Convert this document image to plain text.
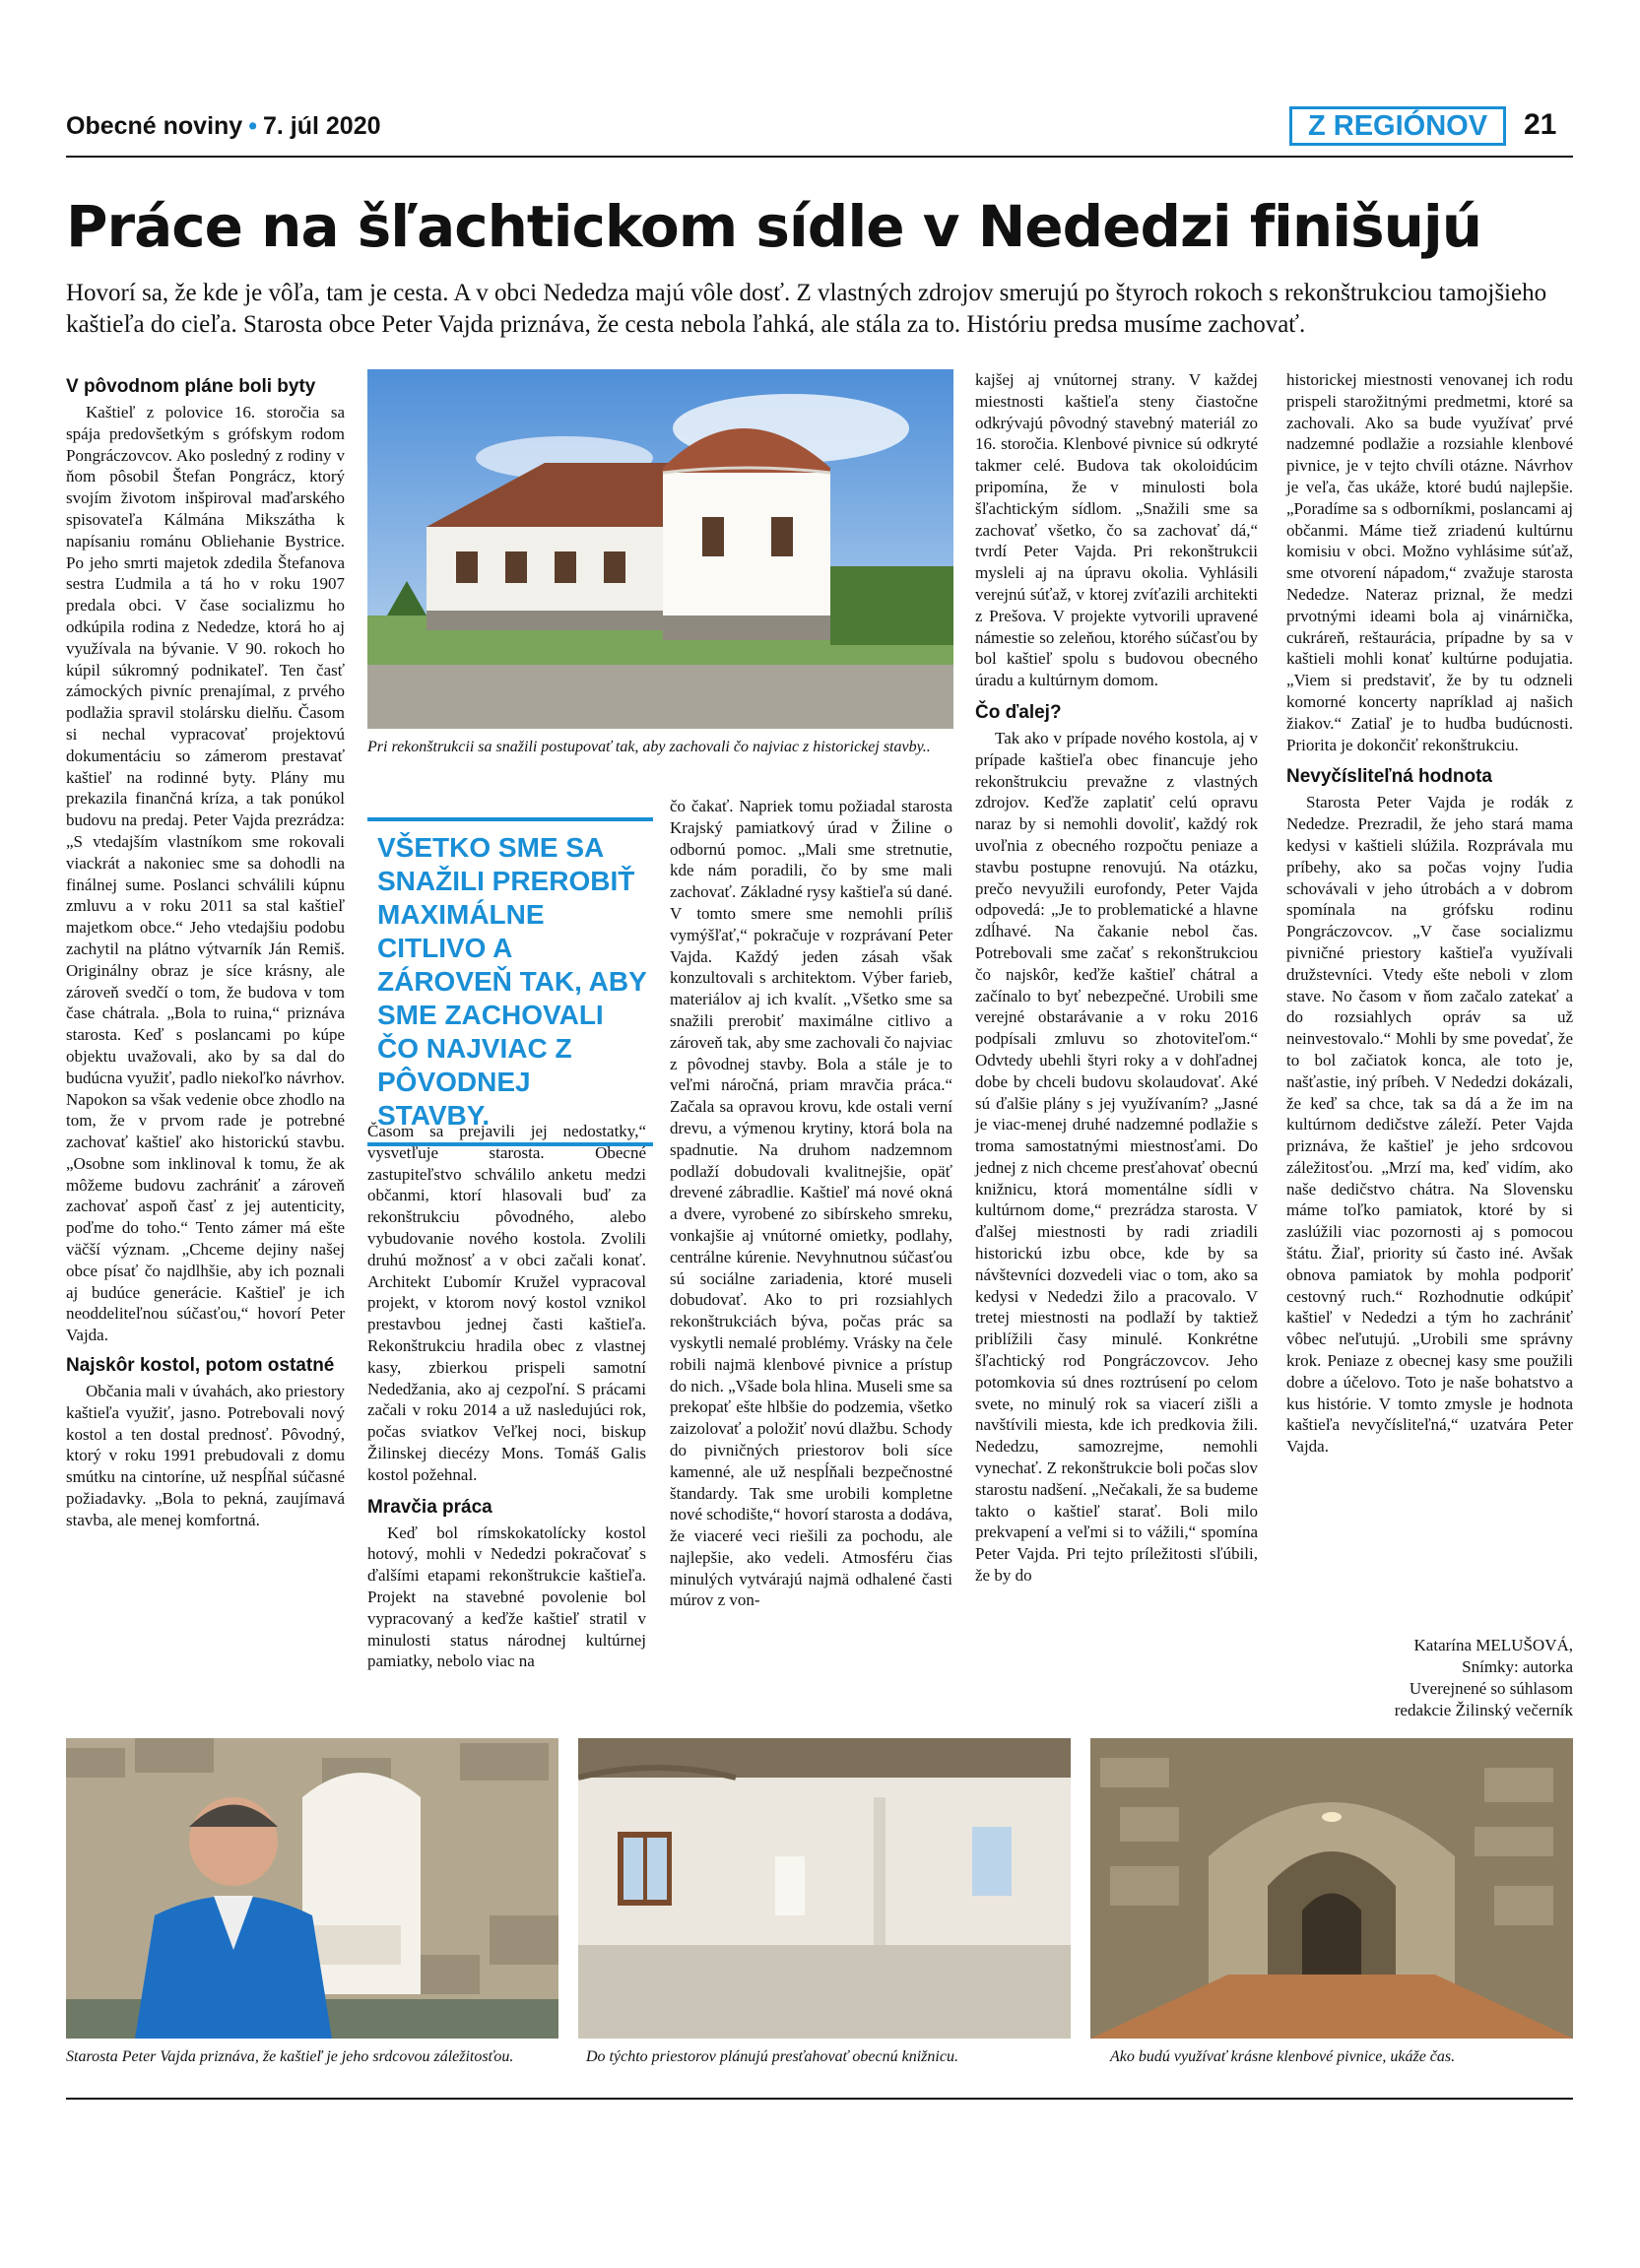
Obecné noviny • 7. júl 2020	Z REGIÓNOV	21
Práce na šľachtickom sídle v Nededzi finišujú
Hovorí sa, že kde je vôľa, tam je cesta. A v obci Nededza majú vôle dosť. Z vlastných zdrojov smerujú po štyroch rokoch s rekonštrukciou tamojšieho kaštieľa do cieľa. Starosta obce Peter Vajda priznáva, že cesta nebola ľahká, ale stála za to. Históriu predsa musíme zachovať.
V pôvodnom pláne boli byty

Kaštieľ z polovice 16. storočia sa spája predovšetkým s grófskym rodom Pongráczovcov. Ako posledný z rodiny v ňom pôsobil Štefan Pongrácz, ktorý svojím životom inšpiroval maďarského spisovateľa Kálmána Mikszátha k napísaniu románu Obliehanie Bystrice. Po jeho smrti majetok zdedila Štefanova sestra Ľudmila a tá ho v roku 1907 predala obci. V čase socializmu ho odkúpila rodina z Nededze, ktorá ho aj využívala na bývanie. V 90. rokoch ho kúpil súkromný podnikateľ. Ten časť zámockých pivníc prenajímal, z prvého podlažia spravil stolársku dielňu. Časom si nechal vypracovať projektovú dokumentáciu so zámerom prestavať kaštieľ na rodinné byty. Plány mu prekazila finančná kríza, a tak ponúkol budovu na predaj. Peter Vajda prezrádza: „S vtedajším vlastníkom sme rokovali viackrát a nakoniec sme sa dohodli na finálnej sume. Poslanci schválili kúpnu zmluvu a v roku 2011 sa stal kaštieľ majetkom obce.“ Jeho vtedajšiu podobu zachytil na plátno výtvarník Ján Remiš. Originálny obraz je síce krásny, ale zároveň svedčí o tom, že budova v tom čase chátrala. „Bola to ruina,“ priznáva starosta. Keď s poslancami po kúpe objektu uvažovali, ako by sa dal do budúcna využiť, padlo niekoľko návrhov. Napokon sa však vedenie obce zhodlo na tom, že v prvom rade je potrebné zachovať kaštieľ ako historickú stavbu. „Osobne som inklinoval k tomu, že ak môžeme budovu zachrániť a zároveň zachovať aspoň časť z jej autenticity, poďme do toho.“ Tento zámer má ešte väčší význam. „Chceme dejiny našej obce písať čo najdlhšie, aby ich poznali aj budúce generácie. Kaštieľ je ich neoddeliteľnou súčasťou,“ hovorí Peter Vajda.

Najskôr kostol, potom ostatné

Občania mali v úvahách, ako priestory kaštieľa využiť, jasno. Potrebovali nový kostol a ten dostal prednosť. Pôvodný, ktorý v roku 1991 prebudovali z domu smútku na cintoríne, už nespĺňal súčasné požiadavky. „Bola to pekná, zaujímavá stavba, ale menej komfortná.

Pri rekonštrukcii sa snažili postupovať tak, aby zachovali čo najviac z historickej stavby..
VŠETKO SME SA SNAŽILI PREROBIŤ MAXIMÁLNE CITLIVO A ZÁROVEŇ TAK, ABY SME ZACHOVALI ČO NAJVIAC Z PÔVODNEJ STAVBY.

Časom sa prejavili jej nedostatky,“ vysvetľuje starosta. Obecné zastupiteľstvo schválilo anketu medzi občanmi, ktorí hlasovali buď za rekonštrukciu pôvodného, alebo vybudovanie nového kostola. Zvolili druhú možnosť a v obci začali konať. Architekt Ľubomír Kružel vypracoval projekt, v ktorom nový kostol vznikol prestavbou jednej časti kaštieľa. Rekonštrukciu hradila obec z vlastnej kasy, zbierkou prispeli samotní Nededžania, ako aj cezpoľní. S prácami začali v roku 2014 a už nasledujúci rok, počas sviatkov Veľkej noci, biskup Žilinskej diecézy Mons. Tomáš Galis kostol požehnal.

Mravčia práca

Keď bol rímskokatolícky kostol hotový, mohli v Nededzi pokračovať s ďalšími etapami rekonštrukcie kaštieľa. Projekt na stavebné povolenie bol vypracovaný a keďže kaštieľ stratil v minulosti status národnej kultúrnej pamiatky, nebolo viac na

čo čakať. Napriek tomu požiadal starosta Krajský pamiatkový úrad v Žiline o odbornú pomoc. „Mali sme stretnutie, kde nám poradili, čo by sme mali zachovať. Základné rysy kaštieľa sú dané. V tomto smere sme nemohli príliš vymýšľať,“ pokračuje v rozprávaní Peter Vajda. Každý jeden zásah však konzultovali s architektom. Výber farieb, materiálov aj ich kvalít. „Všetko sme sa snažili prerobiť maximálne citlivo a zároveň tak, aby sme zachovali čo najviac z pôvodnej stavby. Bola a stále je to veľmi náročná, priam mravčia práca.“ Začala sa opravou krovu, kde ostali verní drevu, a výmenou krytiny, ktorá bola na spadnutie. Na druhom nadzemnom podlaží dobudovali kvalitnejšie, opäť drevené zábradlie. Kaštieľ má nové okná a dvere, vyrobené zo sibírskeho smreku, vonkajšie aj vnútorné omietky, podlahy, centrálne kúrenie. Nevyhnutnou súčasťou sú sociálne zariadenia, ktoré museli dobudovať. Ako to pri rozsiahlych rekonštrukciách býva, počas prác sa vyskytli nemalé problémy. Vrásky na čele robili najmä klenbové pivnice a prístup do nich. „Všade bola hlina. Museli sme sa prekopať ešte hlbšie do podzemia, všetko zaizolovať a položiť novú dlažbu. Schody do pivničných priestorov boli síce kamenné, ale už nespĺňali bezpečnostné štandardy. Tak sme urobili kompletne nové schodište,“ hovorí starosta a dodáva, že viaceré veci riešili za pochodu, ale najlepšie, ako vedeli. Atmosféru čias minulých vytvárajú najmä odhalené časti múrov z von-

kajšej aj vnútornej strany. V každej miestnosti kaštieľa steny čiastočne odkrývajú pôvodný stavebný materiál zo 16. storočia. Klenbové pivnice sú odkryté takmer celé. Budova tak okoloidúcim pripomína, že v minulosti bola šľachtickým sídlom. „Snažili sme sa zachovať všetko, čo sa zachovať dá,“ tvrdí Peter Vajda. Pri rekonštrukcii mysleli aj na úpravu okolia. Vyhlásili verejnú súťaž, v ktorej zvíťazili architekti z Prešova. V projekte vytvorili upravené námestie so zeleňou, ktorého súčasťou by bol kaštieľ spolu s budovou obecného úradu a kultúrnym domom.

Čo ďalej?

Tak ako v prípade nového kostola, aj v prípade kaštieľa obec financuje jeho rekonštrukciu prevažne z vlastných zdrojov. Keďže zaplatiť celú opravu naraz by si nemohli dovoliť, každý rok uvoľnia z obecného rozpočtu peniaze a stavbu postupne renovujú. Na otázku, prečo nevyužili eurofondy, Peter Vajda odpovedá: „Je to problematické a hlavne zdĺhavé. Na čakanie nebol čas. Potrebovali sme začať s rekonštrukciou čo najskôr, keďže kaštieľ chátral a začínalo to byť nebezpečné. Urobili sme verejné obstarávanie a v roku 2016 podpísali zmluvu so zhotoviteľom.“ Odvtedy ubehli štyri roky a v dohľadnej dobe by chceli budovu skolaudovať. Aké sú ďalšie plány s jej využívaním? „Jasné je viac-menej druhé nadzemné podlažie s troma samostatnými miestnosťami. Do jednej z nich chceme presťahovať obecnú knižnicu, ktorá momentálne sídli v kultúrnom dome,“ prezrádza starosta. V ďalšej miestnosti by radi zriadili historickú izbu obce, kde by sa návštevníci dozvedeli viac o tom, ako sa kedysi v Nededzi žilo a pracovalo. V tretej miestnosti na podlaží by taktiež priblížili časy minulé. Konkrétne šľachtický rod Pongráczovcov. Jeho potomkovia sú dnes roztrúsení po celom svete, no minulý rok sa viacerí zišli a navštívili miesta, kde ich predkovia žili. Nededzu, samozrejme, nemohli vynechať. Z rekonštrukcie boli počas slov starostu nadšení. „Nečakali, že sa budeme takto o kaštieľ starať. Boli milo prekvapení a veľmi si to vážili,“ spomína Peter Vajda. Pri tejto príležitosti sľúbili, že by do

historickej miestnosti venovanej ich rodu prispeli starožitnými predmetmi, ktoré sa zachovali. Ako sa bude využívať prvé nadzemné podlažie a rozsiahle klenbové pivnice, je v tejto chvíli otázne. Návrhov je veľa, čas ukáže, ktoré budú najlepšie. „Poradíme sa s odborníkmi, poslancami aj občanmi. Máme tiež zriadenú kultúrnu komisiu v obci. Možno vyhlásime súťaž, sme otvorení nápadom,“ zvažuje starosta Nededze. Nateraz priznal, že medzi prvotnými ideami bola aj vinárnička, cukráreň, reštaurácia, prípadne by sa v kaštieli mohli konať kultúrne podujatia. „Viem si predstaviť, že by tu odzneli komorné koncerty napríklad aj našich žiakov.“ Zatiaľ je to hudba budúcnosti. Priorita je dokončiť rekonštrukciu.

Nevyčísliteľná hodnota

Starosta Peter Vajda je rodák z Nededze. Prezradil, že jeho stará mama kedysi v kaštieli slúžila. Rozprávala mu príbehy, ako sa počas vojny ľudia schovávali v jeho útrobách a v dobrom spomínala na grófsku rodinu Pongráczovcov. „V čase socializmu pivničné priestory kaštieľa využívali družstevníci. Vtedy ešte neboli v zlom stave. No časom v ňom začalo zatekať a do rozsiahlych opráv sa už neinvestovalo.“ Mohli by sme povedať, že to bol začiatok konca, ale toto je, našťastie, iný príbeh. V Nededzi dokázali, že keď sa chce, tak sa dá a že im na kultúrnom dedičstve záleží. Peter Vajda priznáva, že kaštieľ je jeho srdcovou záležitosťou. „Mrzí ma, keď vidím, ako naše dedičstvo chátra. Na Slovensku máme toľko pamiatok, ktoré by si zaslúžili viac pozornosti aj s pomocou štátu. Žiaľ, priority sú často iné. Avšak obnova pamiatok by mohla podporiť cestovný ruch.“ Rozhodnutie odkúpiť kaštieľ v Nededzi a tým ho zachrániť vôbec neľutujú. „Urobili sme správny krok. Peniaze z obecnej kasy sme použili dobre a účelovo. Toto je naše bohatstvo a kus histórie. V tomto zmysle je hodnota kaštieľa nevyčísliteľná,“ uzatvára Peter Vajda.

Katarína MELUŠOVÁ,
Snímky: autorka
Uverejnené so súhlasom
redakcie Žilinský večerník
Starosta Peter Vajda priznáva, že kaštieľ je jeho srdcovou záležitosťou.	Do týchto priestorov plánujú presťahovať obecnú knižnicu.	Ako budú využívať krásne klenbové pivnice, ukáže čas.
